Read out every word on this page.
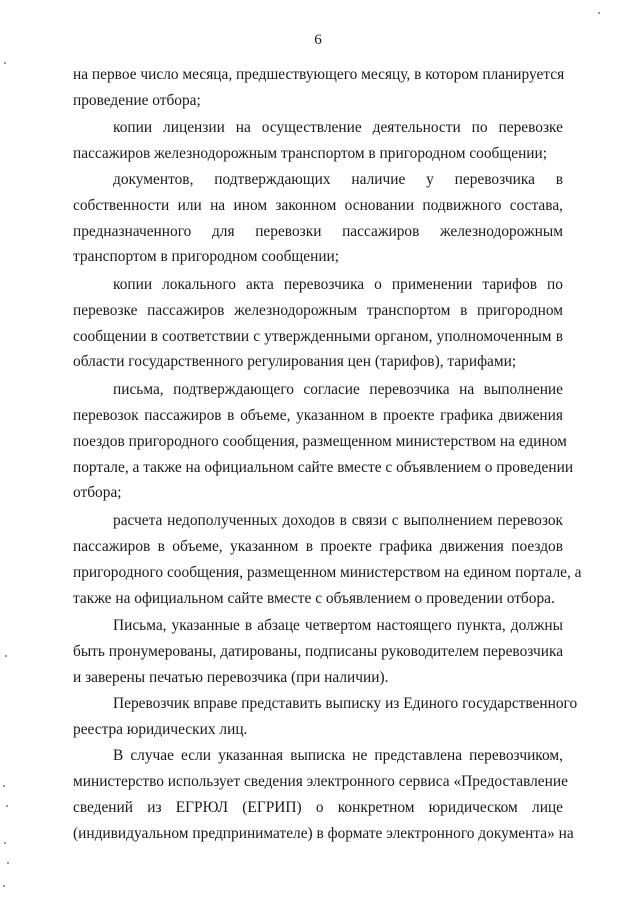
6
на первое число месяца, предшествующего месяцу, в котором планируется
проведение отбора;
копии лицензии на осуществление деятельности по перевозке
пассажиров железнодорожным транспортом в пригородном сообщении;
документов, подтверждающих наличие у перевозчика в
собственности или на ином законном основании подвижного состава,
предназначенного для перевозки пассажиров железнодорожным
транспортом в пригородном сообщении;
копии локального акта перевозчика о применении тарифов по
перевозке пассажиров железнодорожным транспортом в пригородном
сообщении в соответствии с утвержденными органом, уполномоченным в
области государственного регулирования цен (тарифов), тарифами;
письма, подтверждающего согласие перевозчика на выполнение
перевозок пассажиров в объеме, указанном в проекте графика движения
поездов пригородного сообщения, размещенном министерством на едином
портале, а также на официальном сайте вместе с объявлением о проведении
отбора;
расчета недополученных доходов в связи с выполнением перевозок
пассажиров в объеме, указанном в проекте графика движения поездов
пригородного сообщения, размещенном министерством на едином портале, а
также на официальном сайте вместе с объявлением о проведении отбора.
Письма, указанные в абзаце четвертом настоящего пункта, должны
быть пронумерованы, датированы, подписаны руководителем перевозчика
и заверены печатью перевозчика (при наличии).
Перевозчик вправе представить выписку из Единого государственного
реестра юридических лиц.
В случае если указанная выписка не представлена перевозчиком,
министерство использует сведения электронного сервиса «Предоставление
сведений из ЕГРЮЛ (ЕГРИП) о конкретном юридическом лице
(индивидуальном предпринимателе) в формате электронного документа» на
